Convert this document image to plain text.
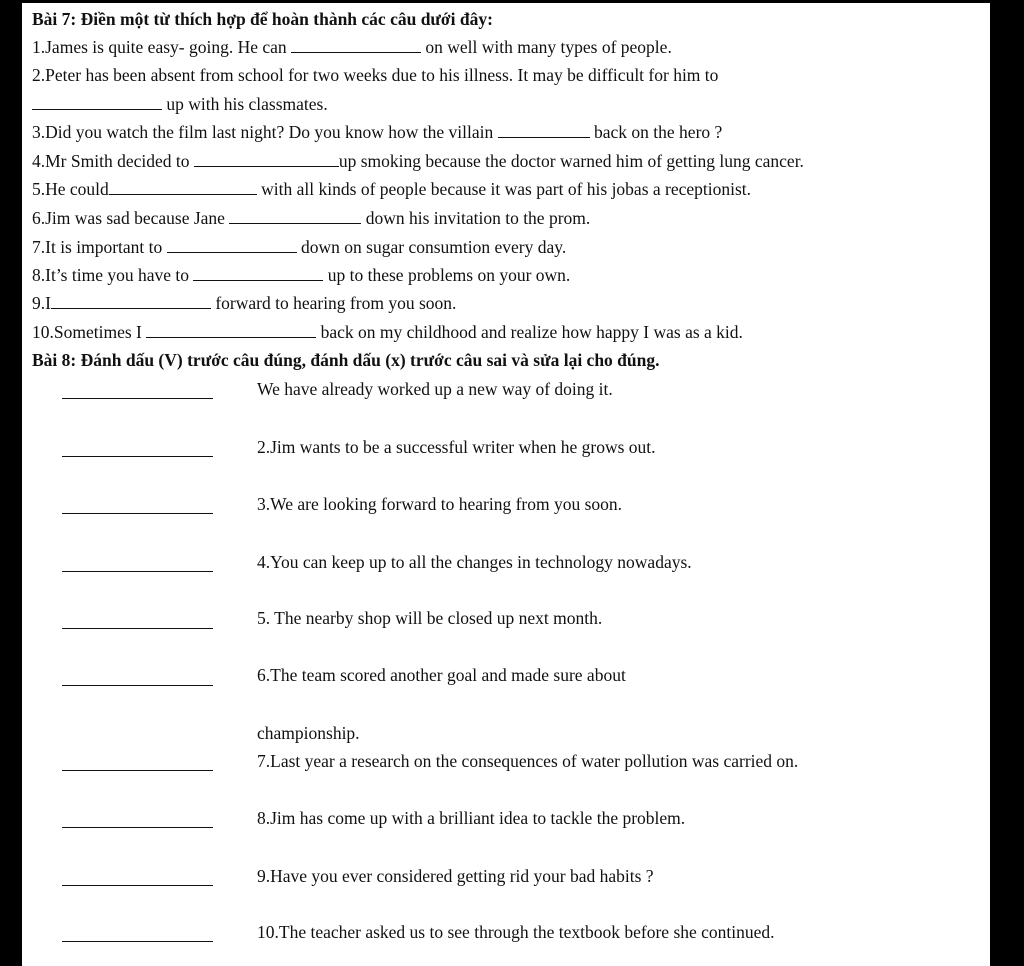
Bài 7: Điền một từ thích hợp để hoàn thành các câu dưới đây:
1.James is quite easy- going. He can	on well with many types of people.
2.Peter has been absent from school for two weeks due to his illness. It may be difficult for him to
up with his classmates.
3.Did you watch the film last night? Do you know how the villain	back on the hero ?
4.Mr Smith decided to	up smoking because the doctor warned him of getting lung cancer.
5.He could	with all kinds of people because it was part of his jobas a receptionist.
6.Jim was sad because Jane	down his invitation to the prom.
7.It is important to	down on sugar consumtion every day.
8.It’s time you have to	up to these problems on your own.
9.I	forward to hearing from you soon.
10.Sometimes I	back on my childhood and realize how happy I was as a kid.
Bài 8: Đánh dấu (V) trước câu đúng, đánh dấu (x) trước câu sai và sửa lại cho đúng.
We have already worked up a new way of doing it.
2.Jim wants to be a successful writer when he grows out.
3.We are looking forward to hearing from you soon.
4.You can keep up to all the changes in technology nowadays.
5. The nearby shop will be closed up next month.
6.The team scored another goal and made sure about
championship.
7.Last year a research on the consequences of water pollution was carried on.
8.Jim has come up with a brilliant idea to tackle the problem.
9.Have you ever considered getting rid your bad habits ?
10.The teacher asked us to see through the textbook before she continued.
